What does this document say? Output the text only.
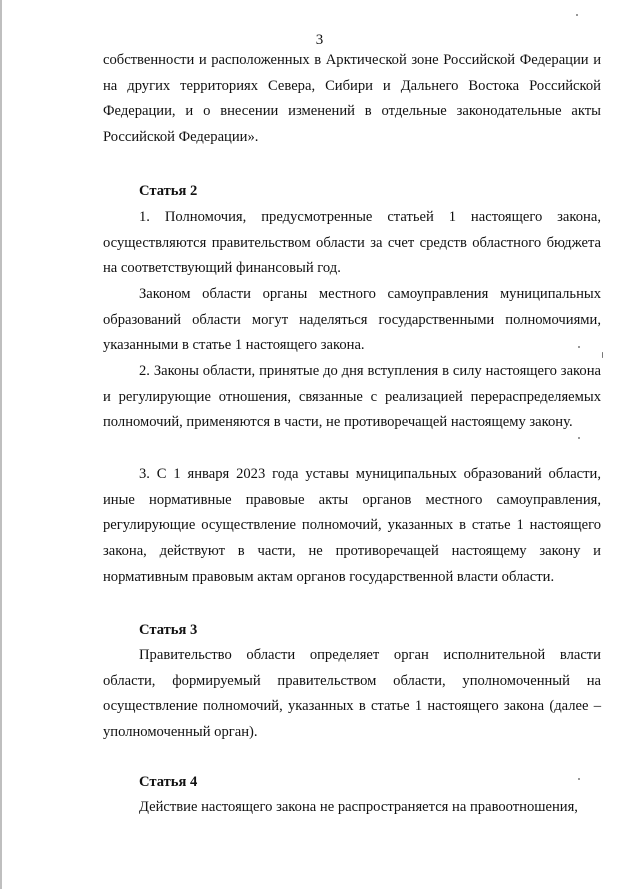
3

собственности и расположенных в Арктической зоне Российской Федерации и на других территориях Севера, Сибири и Дальнего Востока Российской Федерации, и о внесении изменений в отдельные законодательные акты Российской Федерации».

Статья 2

1. Полномочия, предусмотренные статьей 1 настоящего закона, осуществляются правительством области за счет средств областного бюджета на соответствующий финансовый год.

Законом области органы местного самоуправления муниципальных образований области могут наделяться государственными полномочиями, указанными в статье 1 настоящего закона.

2. Законы области, принятые до дня вступления в силу настоящего закона и регулирующие отношения, связанные с реализацией перераспределяемых полномочий, применяются в части, не противоречащей настоящему закону.

3. С 1 января 2023 года уставы муниципальных образований области, иные нормативные правовые акты органов местного самоуправления, регулирующие осуществление полномочий, указанных в статье 1 настоящего закона, действуют в части, не противоречащей настоящему закону и нормативным правовым актам органов государственной власти области.

Статья 3

Правительство области определяет орган исполнительной власти области, формируемый правительством области, уполномоченный на осуществление полномочий, указанных в статье 1 настоящего закона (далее – уполномоченный орган).

Статья 4

Действие настоящего закона не распространяется на правоотношения,
